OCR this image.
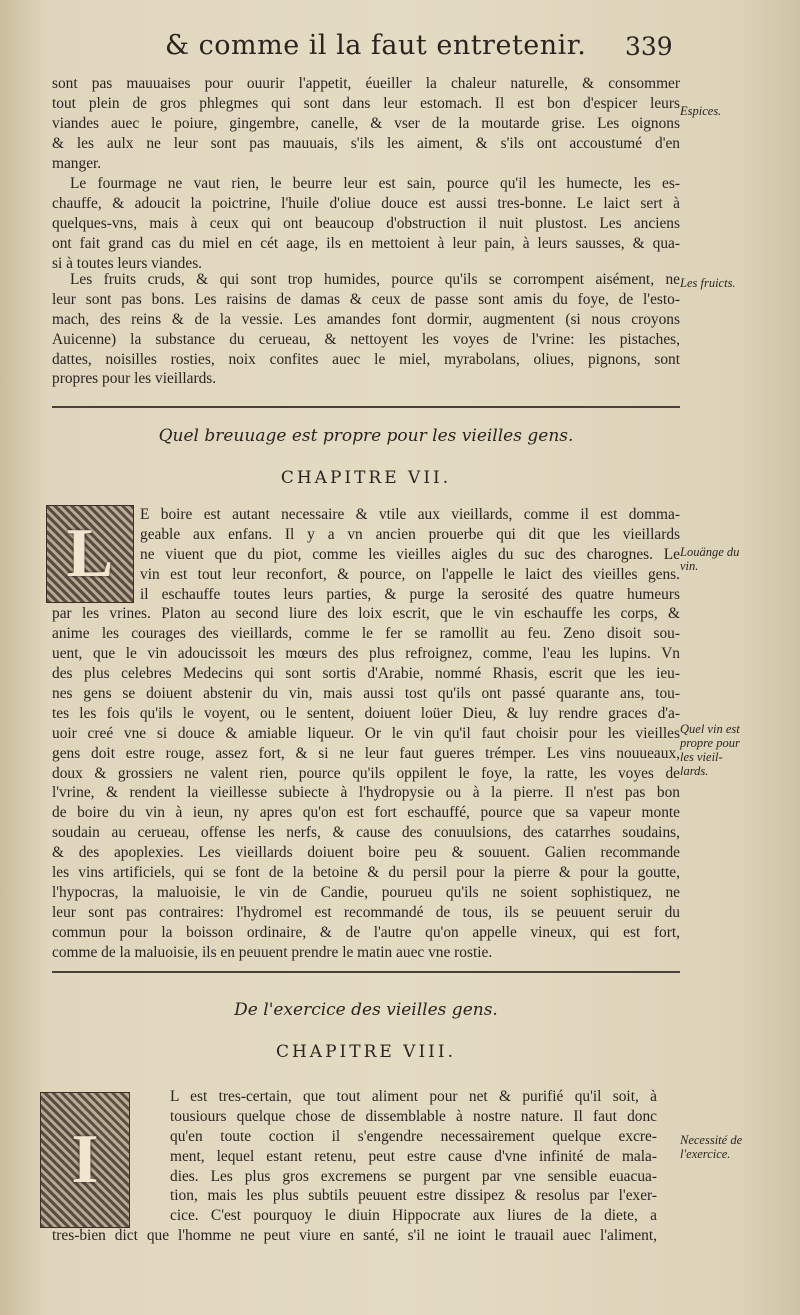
& comme il la faut entretenir. 339
sont pas mauuaises pour ouurir l'appetit, éueiller la chaleur naturelle, & consommer
tout plein de gros phlegmes qui sont dans leur estomach. Il est bon d'espicer leurs
viandes auec le poiure, gingembre, canelle, & vser de la moutarde grise. Les oignons
& les aulx ne leur sont pas mauuais, s'ils les aiment, & s'ils ont accoustumé d'en
manger.
Le fourmage ne vaut rien, le beurre leur est sain, pource qu'il les humecte, les es-
chauffe, & adoucit la poictrine, l'huile d'oliue douce est aussi tres-bonne. Le laict sert à
quelques-vns, mais à ceux qui ont beaucoup d'obstruction il nuit plustost. Les anciens
ont fait grand cas du miel en cét aage, ils en mettoient à leur pain, à leurs sausses, & qua-
si à toutes leurs viandes.
Les fruits cruds, & qui sont trop humides, pource qu'ils se corrompent aisément, ne
leur sont pas bons. Les raisins de damas & ceux de passe sont amis du foye, de l'esto-
mach, des reins & de la vessie. Les amandes font dormir, augmentent (si nous croyons
Auicenne) la substance du cerueau, & nettoyent les voyes de l'vrine: les pistaches,
dattes, noisilles rosties, noix confites auec le miel, myrabolans, oliues, pignons, sont
propres pour les vieillards.
Quel breuuage est propre pour les vieilles gens.
CHAPITRE VII.
L
E boire est autant necessaire & vtile aux vieillards, comme il est domma-
geable aux enfans. Il y a vn ancien prouerbe qui dit que les vieillards
ne viuent que du piot, comme les vieilles aigles du suc des charognes. Le
vin est tout leur reconfort, & pource, on l'appelle le laict des vieilles gens.
il eschauffe toutes leurs parties, & purge la serosité des quatre humeurs
par les vrines. Platon au second liure des loix escrit, que le vin eschauffe les corps, &
anime les courages des vieillards, comme le fer se ramollit au feu. Zeno disoit sou-
uent, que le vin adoucissoit les mœurs des plus refroignez, comme, l'eau les lupins. Vn
des plus celebres Medecins qui sont sortis d'Arabie, nommé Rhasis, escrit que les ieu-
nes gens se doiuent abstenir du vin, mais aussi tost qu'ils ont passé quarante ans, tou-
tes les fois qu'ils le voyent, ou le sentent, doiuent loüer Dieu, & luy rendre graces d'a-
uoir creé vne si douce & amiable liqueur. Or le vin qu'il faut choisir pour les vieilles
gens doit estre rouge, assez fort, & si ne leur faut gueres trémper. Les vins nouueaux,
doux & grossiers ne valent rien, pource qu'ils oppilent le foye, la ratte, les voyes de
l'vrine, & rendent la vieillesse subiecte à l'hydropysie ou à la pierre. Il n'est pas bon
de boire du vin à ieun, ny apres qu'on est fort eschauffé, pource que sa vapeur monte
soudain au cerueau, offense les nerfs, & cause des conuulsions, des catarrhes soudains,
& des apoplexies. Les vieillards doiuent boire peu & souuent. Galien recommande
les vins artificiels, qui se font de la betoine & du persil pour la pierre & pour la goutte,
l'hypocras, la maluoisie, le vin de Candie, pourueu qu'ils ne soient sophistiquez, ne
leur sont pas contraires: l'hydromel est recommandé de tous, ils se peuuent seruir du
commun pour la boisson ordinaire, & de l'autre qu'on appelle vineux, qui est fort,
comme de la maluoisie, ils en peuuent prendre le matin auec vne rostie.
De l'exercice des vieilles gens.
CHAPITRE VIII.
I
L est tres-certain, que tout aliment pour net & purifié qu'il soit, à
tousiours quelque chose de dissemblable à nostre nature. Il faut donc
qu'en toute coction il s'engendre necessairement quelque excre-
ment, lequel estant retenu, peut estre cause d'vne infinité de mala-
dies. Les plus gros excremens se purgent par vne sensible euacua-
tion, mais les plus subtils peuuent estre dissipez & resolus par l'exer-
cice. C'est pourquoy le diuin Hippocrate aux liures de la diete, a
tres-bien dict que l'homme ne peut viure en santé, s'il ne ioint le trauail auec l'aliment,
Espices.
Les fruicts.
Louänge du
vin.
Quel vin est
propre pour
les vieil-
lards.
Necessité de
l'exercice.
